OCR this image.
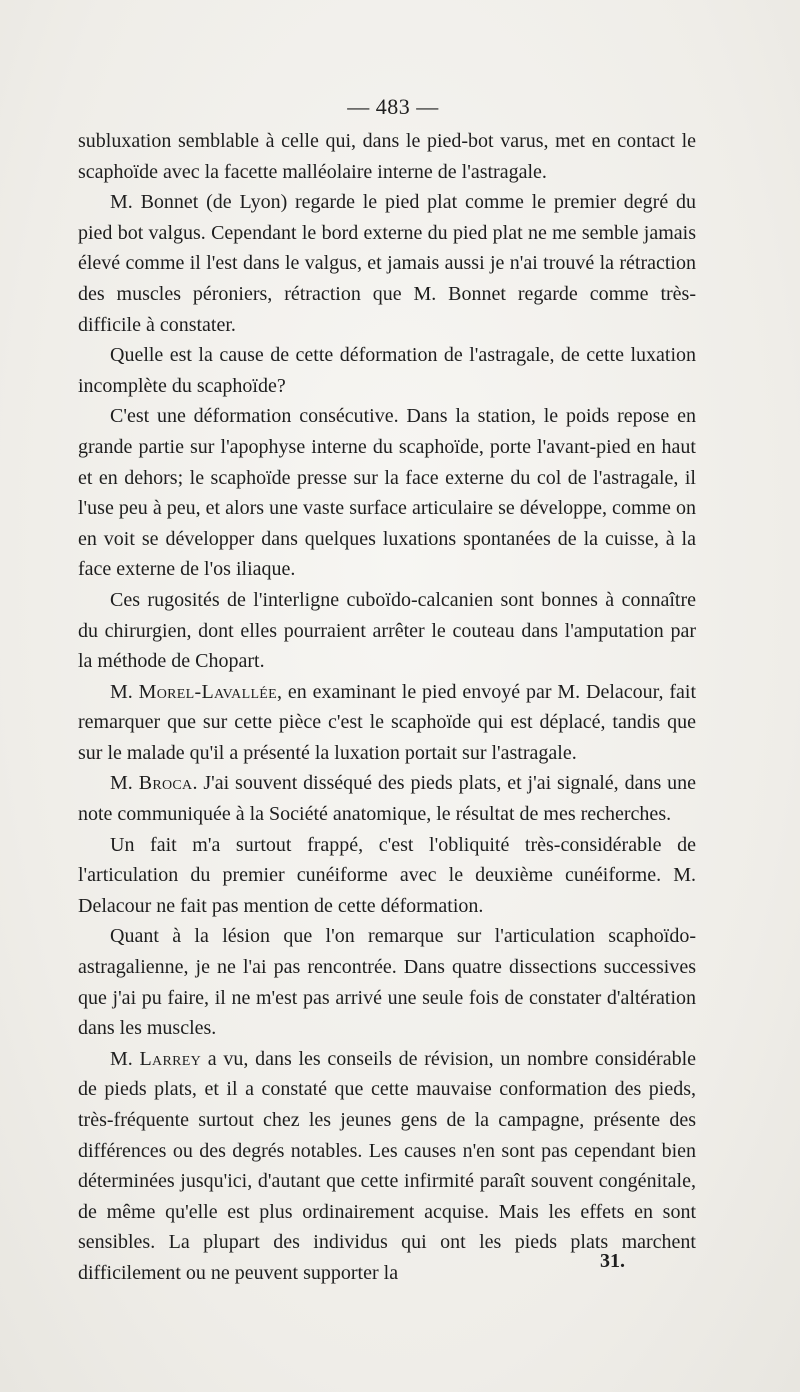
— 483 —

subluxation semblable à celle qui, dans le pied-bot varus, met en contact le scaphoïde avec la facette malléolaire interne de l'astragale.

M. Bonnet (de Lyon) regarde le pied plat comme le premier degré du pied bot valgus. Cependant le bord externe du pied plat ne me semble jamais élevé comme il l'est dans le valgus, et jamais aussi je n'ai trouvé la rétraction des muscles péroniers, rétraction que M. Bonnet regarde comme très-difficile à constater.

Quelle est la cause de cette déformation de l'astragale, de cette luxation incomplète du scaphoïde?

C'est une déformation consécutive. Dans la station, le poids repose en grande partie sur l'apophyse interne du scaphoïde, porte l'avant-pied en haut et en dehors; le scaphoïde presse sur la face externe du col de l'astragale, il l'use peu à peu, et alors une vaste surface articulaire se développe, comme on en voit se développer dans quelques luxations spontanées de la cuisse, à la face externe de l'os iliaque.

Ces rugosités de l'interligne cuboïdo-calcanien sont bonnes à connaître du chirurgien, dont elles pourraient arrêter le couteau dans l'amputation par la méthode de Chopart.

M. Morel-Lavallée, en examinant le pied envoyé par M. Delacour, fait remarquer que sur cette pièce c'est le scaphoïde qui est déplacé, tandis que sur le malade qu'il a présenté la luxation portait sur l'astragale.

M. Broca. J'ai souvent disséqué des pieds plats, et j'ai signalé, dans une note communiquée à la Société anatomique, le résultat de mes recherches.

Un fait m'a surtout frappé, c'est l'obliquité très-considérable de l'articulation du premier cunéiforme avec le deuxième cunéiforme. M. Delacour ne fait pas mention de cette déformation.

Quant à la lésion que l'on remarque sur l'articulation scaphoïdo-astragalienne, je ne l'ai pas rencontrée. Dans quatre dissections successives que j'ai pu faire, il ne m'est pas arrivé une seule fois de constater d'altération dans les muscles.

M. Larrey a vu, dans les conseils de révision, un nombre considérable de pieds plats, et il a constaté que cette mauvaise conformation des pieds, très-fréquente surtout chez les jeunes gens de la campagne, présente des différences ou des degrés notables. Les causes n'en sont pas cependant bien déterminées jusqu'ici, d'autant que cette infirmité paraît souvent congénitale, de même qu'elle est plus ordinairement acquise. Mais les effets en sont sensibles. La plupart des individus qui ont les pieds plats marchent difficilement ou ne peuvent supporter la

31.
